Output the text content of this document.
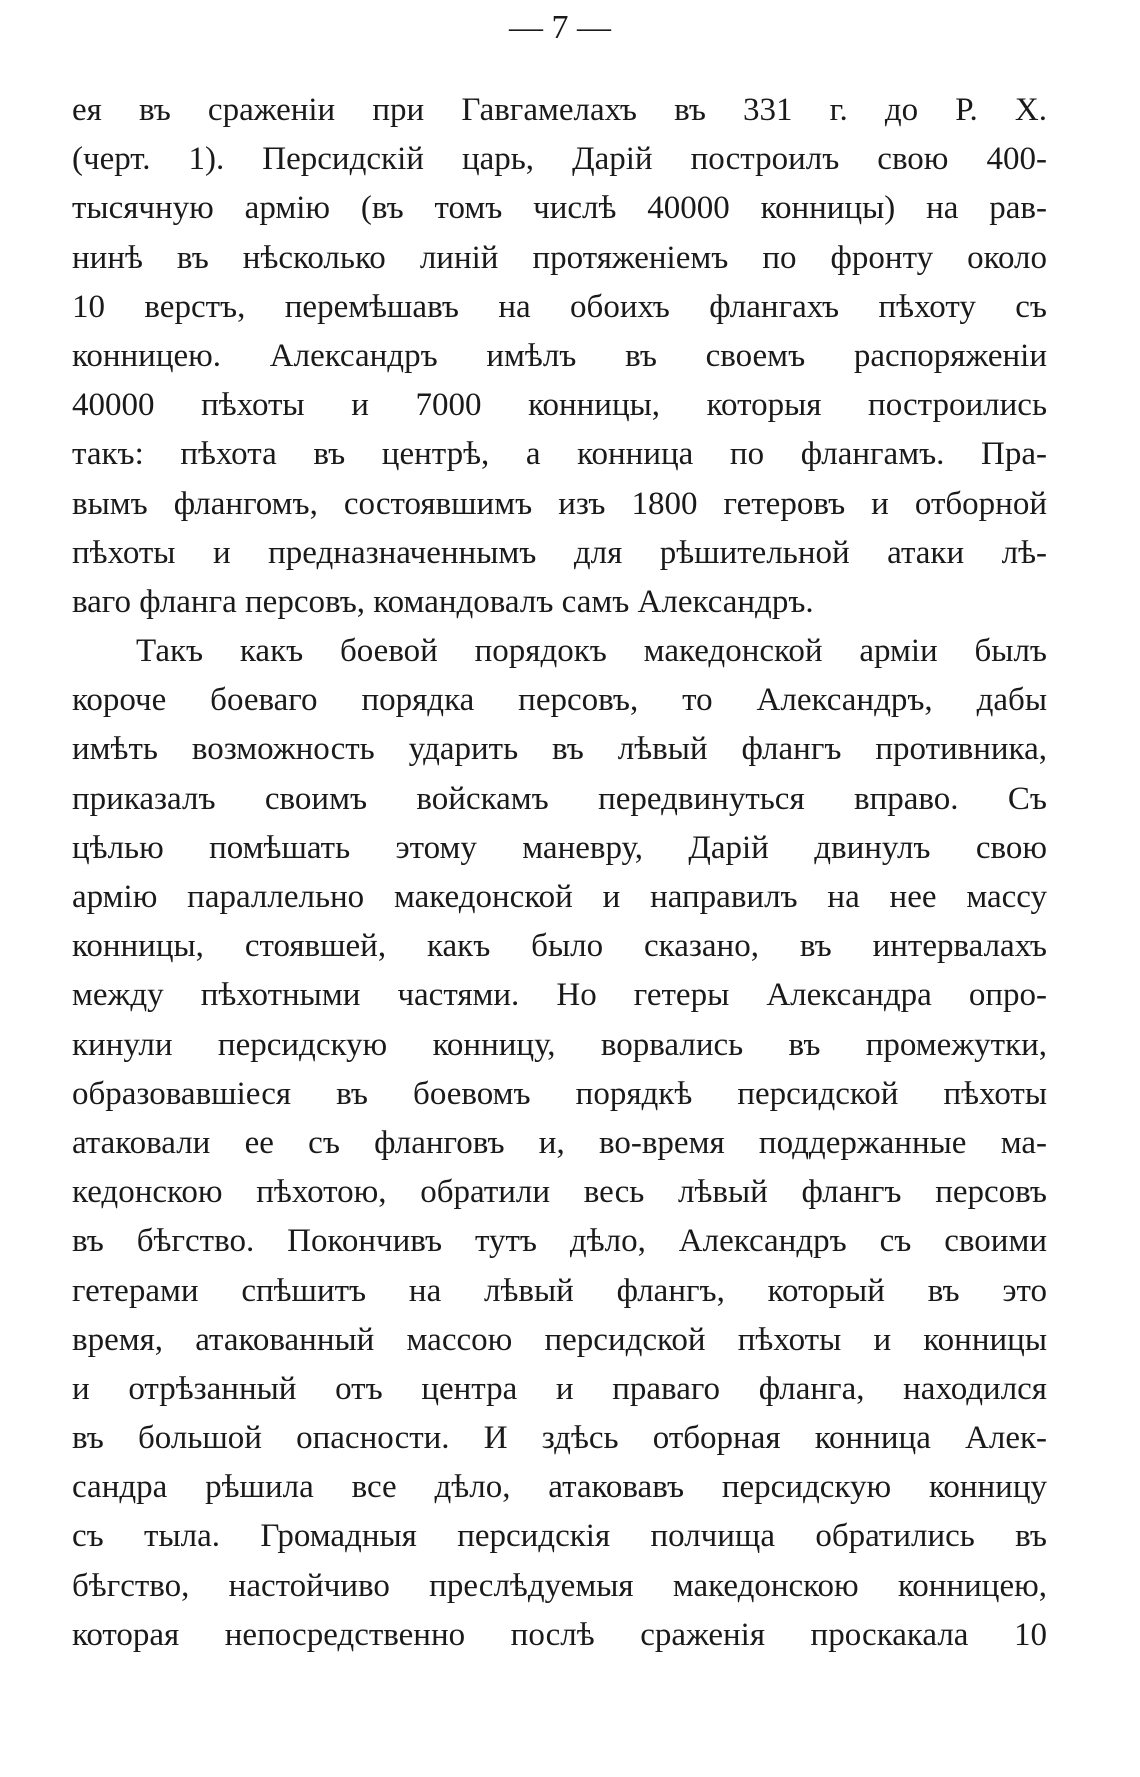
— 7 —
ея въ сраженіи при Гавгамелахъ въ 331 г. до Р. X.
(черт. 1). Персидскій царь, Дарій построилъ свою 400-
тысячную армію (въ томъ числѣ 40000 конницы) на рав-
нинѣ въ нѣсколько линій протяженіемъ по фронту около
10 верстъ, перемѣшавъ на обоихъ флангахъ пѣхоту съ
конницею. Александръ имѣлъ въ своемъ распоряженіи
40000 пѣхоты и 7000 конницы, которыя построились
такъ: пѣхота въ центрѣ, а конница по флангамъ. Пра-
вымъ флангомъ, состоявшимъ изъ 1800 гетеровъ и отборной
пѣхоты и предназначеннымъ для рѣшительной атаки лѣ-
ваго фланга персовъ, командовалъ самъ Александръ.
Такъ какъ боевой порядокъ македонской арміи былъ
короче боеваго порядка персовъ, то Александръ, дабы
имѣть возможность ударить въ лѣвый флангъ противника,
приказалъ своимъ войскамъ передвинуться вправо. Съ
цѣлью помѣшать этому маневру, Дарій двинулъ свою
армію параллельно македонской и направилъ на нее массу
конницы, стоявшей, какъ было сказано, въ интервалахъ
между пѣхотными частями. Но гетеры Александра опро-
кинули персидскую конницу, ворвались въ промежутки,
образовавшіеся въ боевомъ порядкѣ персидской пѣхоты
атаковали ее съ фланговъ и, во-время поддержанные ма-
кедонскою пѣхотою, обратили весь лѣвый флангъ персовъ
въ бѣгство. Покончивъ тутъ дѣло, Александръ съ своими
гетерами спѣшитъ на лѣвый флангъ, который въ это
время, атакованный массою персидской пѣхоты и конницы
и отрѣзанный отъ центра и праваго фланга, находился
въ большой опасности. И здѣсь отборная конница Алек-
сандра рѣшила все дѣло, атаковавъ персидскую конницу
съ тыла. Громадныя персидскія полчища обратились въ
бѣгство, настойчиво преслѣдуемыя македонскою конницею,
которая непосредственно послѣ сраженія проскакала 10
